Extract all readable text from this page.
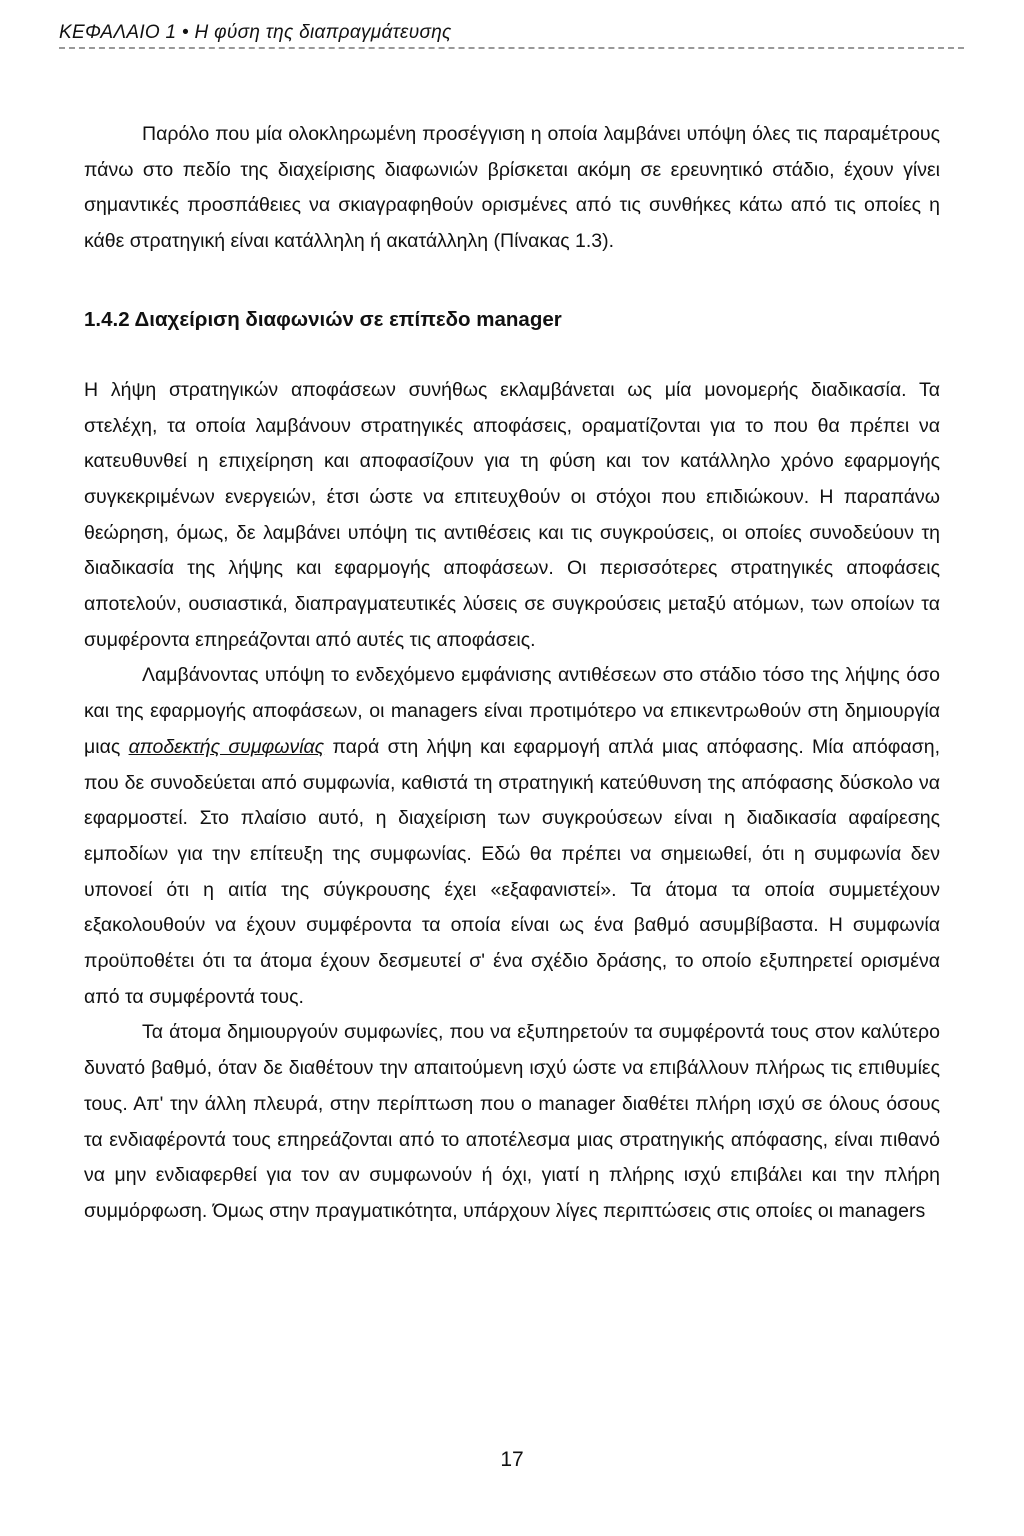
ΚΕΦΑΛΑΙΟ 1 • Η φύση της διαπραγμάτευσης

Παρόλο που μία ολοκληρωμένη προσέγγιση η οποία λαμβάνει υπόψη όλες τις παραμέτρους πάνω στο πεδίο της διαχείρισης διαφωνιών βρίσκεται ακόμη σε ερευνητικό στάδιο, έχουν γίνει σημαντικές προσπάθειες να σκιαγραφηθούν ορισμένες από τις συνθήκες κάτω από τις οποίες η κάθε στρατηγική είναι κατάλληλη ή ακατάλληλη (Πίνακας 1.3).

1.4.2 Διαχείριση διαφωνιών σε επίπεδο manager

Η λήψη στρατηγικών αποφάσεων συνήθως εκλαμβάνεται ως μία μονομερής διαδικασία. Τα στελέχη, τα οποία λαμβάνουν στρατηγικές αποφάσεις, οραματίζονται για το που θα πρέπει να κατευθυνθεί η επιχείρηση και αποφασίζουν για τη φύση και τον κατάλληλο χρόνο εφαρμογής συγκεκριμένων ενεργειών, έτσι ώστε να επιτευχθούν οι στόχοι που επιδιώκουν. Η παραπάνω θεώρηση, όμως, δε λαμβάνει υπόψη τις αντιθέσεις και τις συγκρούσεις, οι οποίες συνοδεύουν τη διαδικασία της λήψης και εφαρμογής αποφάσεων. Οι περισσότερες στρατηγικές αποφάσεις αποτελούν, ουσιαστικά, διαπραγματευτικές λύσεις σε συγκρούσεις μεταξύ ατόμων, των οποίων τα συμφέροντα επηρεάζονται από αυτές τις αποφάσεις.

Λαμβάνοντας υπόψη το ενδεχόμενο εμφάνισης αντιθέσεων στο στάδιο τόσο της λήψης όσο και της εφαρμογής αποφάσεων, οι managers είναι προτιμότερο να επικεντρωθούν στη δημιουργία μιας αποδεκτής συμφωνίας παρά στη λήψη και εφαρμογή απλά μιας απόφασης. Μία απόφαση, που δε συνοδεύεται από συμφωνία, καθιστά τη στρατηγική κατεύθυνση της απόφασης δύσκολο να εφαρμοστεί. Στο πλαίσιο αυτό, η διαχείριση των συγκρούσεων είναι η διαδικασία αφαίρεσης εμποδίων για την επίτευξη της συμφωνίας. Εδώ θα πρέπει να σημειωθεί, ότι η συμφωνία δεν υπονοεί ότι η αιτία της σύγκρουσης έχει «εξαφανιστεί». Τα άτομα τα οποία συμμετέχουν εξακολουθούν να έχουν συμφέροντα τα οποία είναι ως ένα βαθμό ασυμβίβαστα. Η συμφωνία προϋποθέτει ότι τα άτομα έχουν δεσμευτεί σ' ένα σχέδιο δράσης, το οποίο εξυπηρετεί ορισμένα από τα συμφέροντά τους.

Τα άτομα δημιουργούν συμφωνίες, που να εξυπηρετούν τα συμφέροντά τους στον καλύτερο δυνατό βαθμό, όταν δε διαθέτουν την απαιτούμενη ισχύ ώστε να επιβάλλουν πλήρως τις επιθυμίες τους. Απ' την άλλη πλευρά, στην περίπτωση που ο manager διαθέτει πλήρη ισχύ σε όλους όσους τα ενδιαφέροντά τους επηρεάζονται από το αποτέλεσμα μιας στρατηγικής απόφασης, είναι πιθανό να μην ενδιαφερθεί για τον αν συμφωνούν ή όχι, γιατί η πλήρης ισχύ επιβάλει και την πλήρη συμμόρφωση. Όμως στην πραγματικότητα, υπάρχουν λίγες περιπτώσεις στις οποίες οι managers

17
